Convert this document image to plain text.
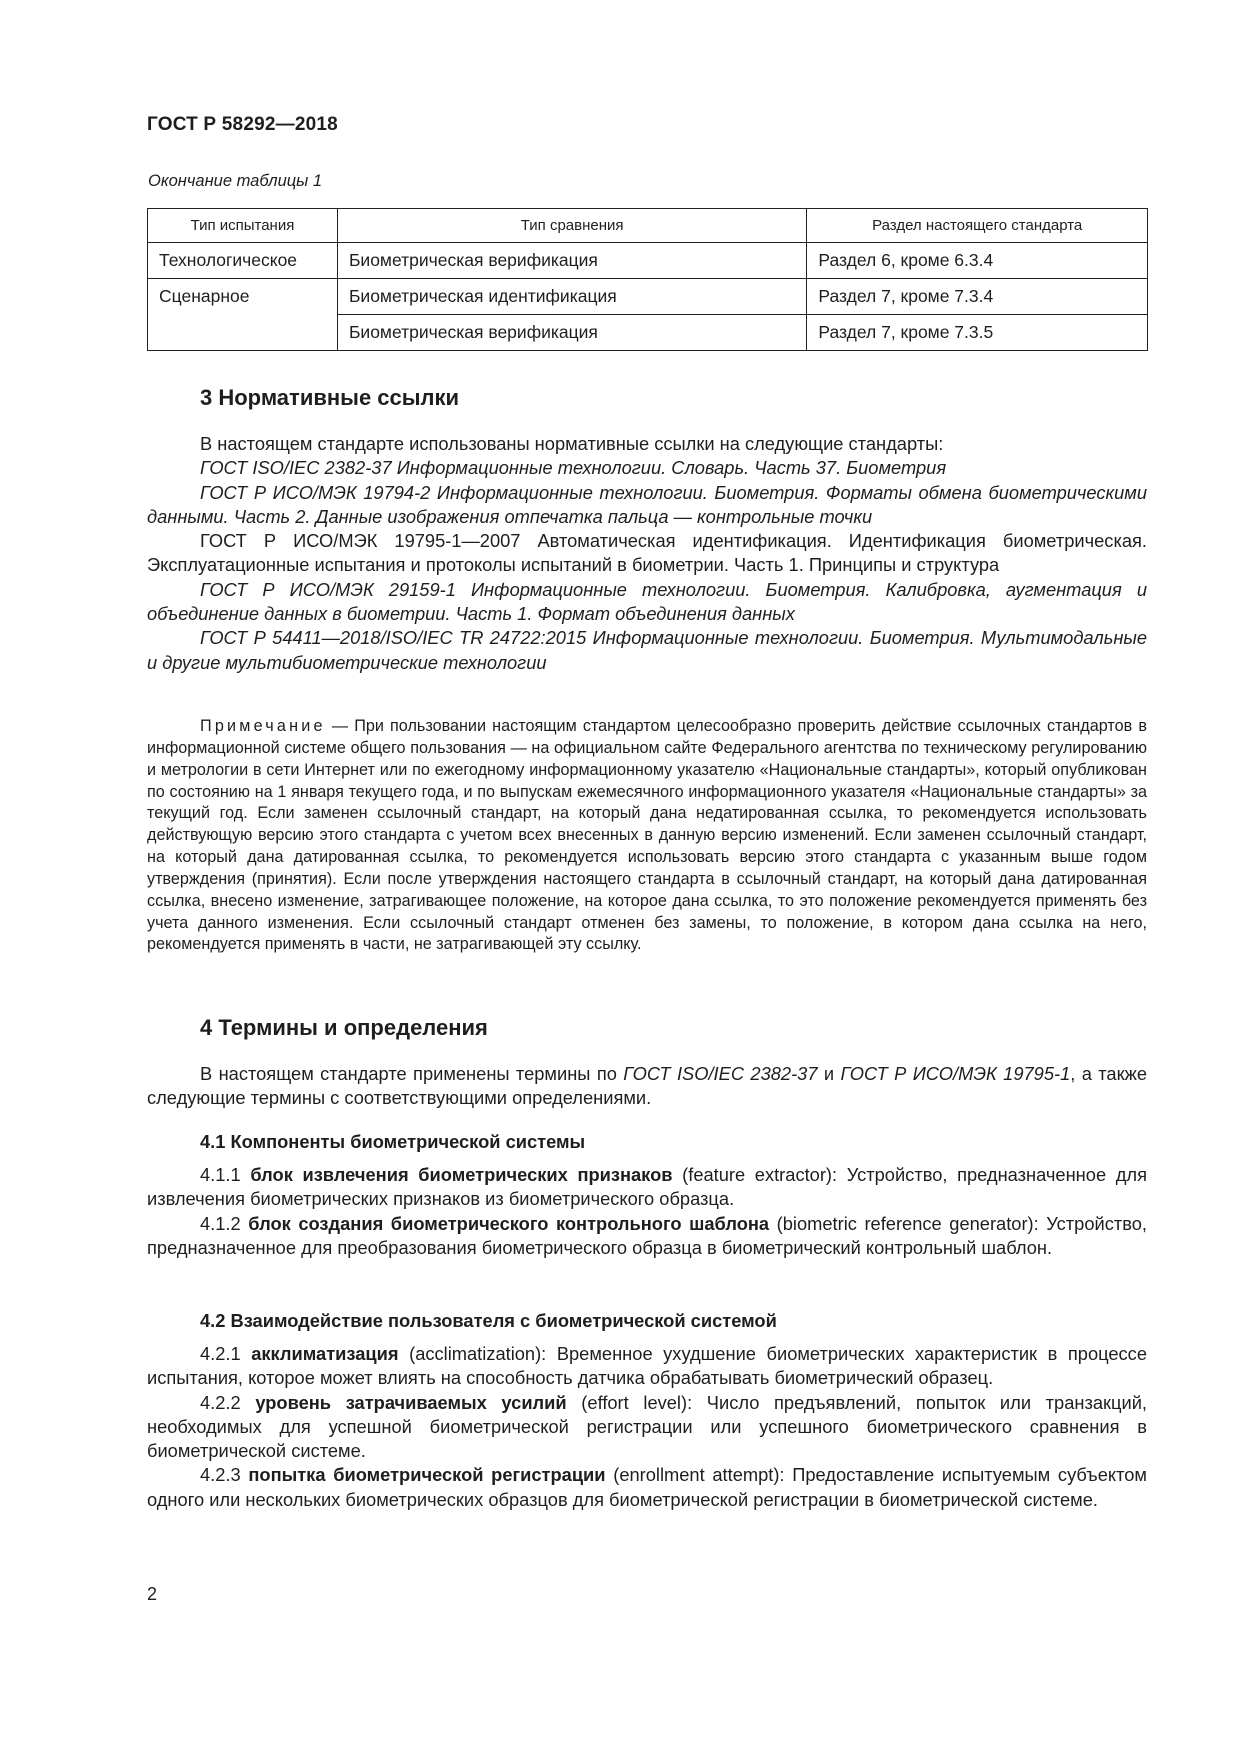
ГОСТ Р 58292—2018
Окончание таблицы 1
Тип испытания	Тип сравнения	Раздел настоящего стандарта
Технологическое	Биометрическая верификация	Раздел 6, кроме 6.3.4
Сценарное	Биометрическая идентификация	Раздел 7, кроме 7.3.4
	Биометрическая верификация	Раздел 7, кроме 7.3.5
3 Нормативные ссылки

В настоящем стандарте использованы нормативные ссылки на следующие стандарты:

ГОСТ ISO/IEC 2382-37 Информационные технологии. Словарь. Часть 37. Биометрия

ГОСТ Р ИСО/МЭК 19794-2 Информационные технологии. Биометрия. Форматы обмена биометрическими данными. Часть 2. Данные изображения отпечатка пальца — контрольные точки

ГОСТ Р ИСО/МЭК 19795-1—2007 Автоматическая идентификация. Идентификация биометрическая. Эксплуатационные испытания и протоколы испытаний в биометрии. Часть 1. Принципы и структура

ГОСТ Р ИСО/МЭК 29159-1 Информационные технологии. Биометрия. Калибровка, аугментация и объединение данных в биометрии. Часть 1. Формат объединения данных

ГОСТ Р 54411—2018/ISO/IEC TR 24722:2015 Информационные технологии. Биометрия. Мультимодальные и другие мультибиометрические технологии

Примечание — При пользовании настоящим стандартом целесообразно проверить действие ссылочных стандартов в информационной системе общего пользования — на официальном сайте Федерального агентства по техническому регулированию и метрологии в сети Интернет или по ежегодному информационному указателю «Национальные стандарты», который опубликован по состоянию на 1 января текущего года, и по выпускам ежемесячного информационного указателя «Национальные стандарты» за текущий год. Если заменен ссылочный стандарт, на который дана недатированная ссылка, то рекомендуется использовать действующую версию этого стандарта с учетом всех внесенных в данную версию изменений. Если заменен ссылочный стандарт, на который дана датированная ссылка, то рекомендуется использовать версию этого стандарта с указанным выше годом утверждения (принятия). Если после утверждения настоящего стандарта в ссылочный стандарт, на который дана датированная ссылка, внесено изменение, затрагивающее положение, на которое дана ссылка, то это положение рекомендуется применять без учета данного изменения. Если ссылочный стандарт отменен без замены, то положение, в котором дана ссылка на него, рекомендуется применять в части, не затрагивающей эту ссылку.

4 Термины и определения

В настоящем стандарте применены термины по ГОСТ ISO/IEC 2382-37 и ГОСТ Р ИСО/МЭК 19795-1, а также следующие термины с соответствующими определениями.

4.1 Компоненты биометрической системы

4.1.1 блок извлечения биометрических признаков (feature extractor): Устройство, предназначенное для извлечения биометрических признаков из биометрического образца.

4.1.2 блок создания биометрического контрольного шаблона (biometric reference generator): Устройство, предназначенное для преобразования биометрического образца в биометрический контрольный шаблон.

4.2 Взаимодействие пользователя с биометрической системой

4.2.1 акклиматизация (acclimatization): Временное ухудшение биометрических характеристик в процессе испытания, которое может влиять на способность датчика обрабатывать биометрический образец.

4.2.2 уровень затрачиваемых усилий (effort level): Число предъявлений, попыток или транзакций, необходимых для успешной биометрической регистрации или успешного биометрического сравнения в биометрической системе.

4.2.3 попытка биометрической регистрации (enrollment attempt): Предоставление испытуемым субъектом одного или нескольких биометрических образцов для биометрической регистрации в биометрической системе.

2
